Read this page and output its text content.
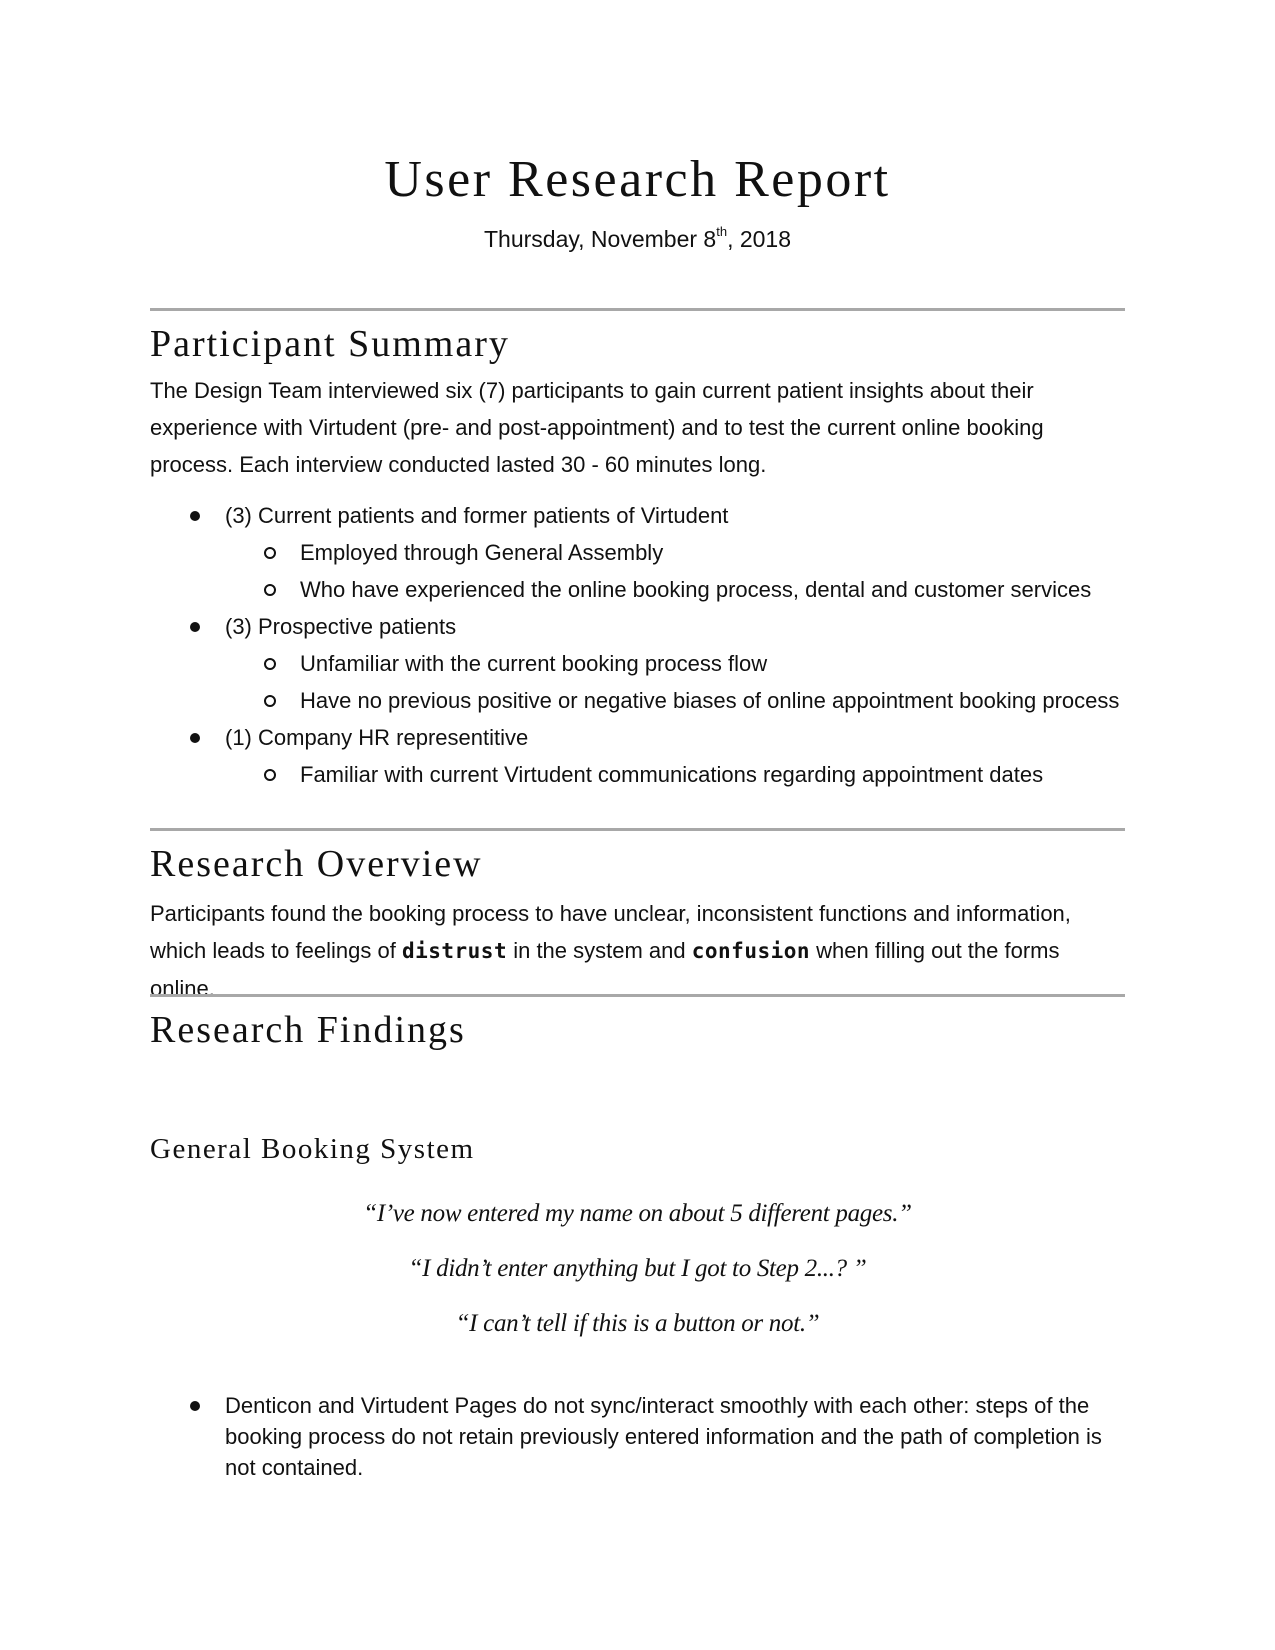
User Research Report
Thursday, November 8th, 2018
Participant Summary

The Design Team interviewed six (7) participants to gain current patient insights about their experience with Virtudent (pre- and post-appointment) and to test the current online booking process. Each interview conducted lasted 30 - 60 minutes long.

(3) Current patients and former patients of Virtudent
Employed through General Assembly
Who have experienced the online booking process, dental and customer services
(3) Prospective patients
Unfamiliar with the current booking process flow
Have no previous positive or negative biases of online appointment booking process
(1) Company HR representitive
Familiar with current Virtudent communications regarding appointment dates
Research Overview

Participants found the booking process to have unclear, inconsistent functions and information, which leads to feelings of distrust in the system and confusion when filling out the forms online.

Research Findings
General Booking System
“I’ve now entered my name on about 5 different pages.”
“I didn’t enter anything but I got to Step 2...? ”
“I can’t tell if this is a button or not.”
Denticon and Virtudent Pages do not sync/interact smoothly with each other: steps of the booking process do not retain previously entered information and the path of completion is not contained.
